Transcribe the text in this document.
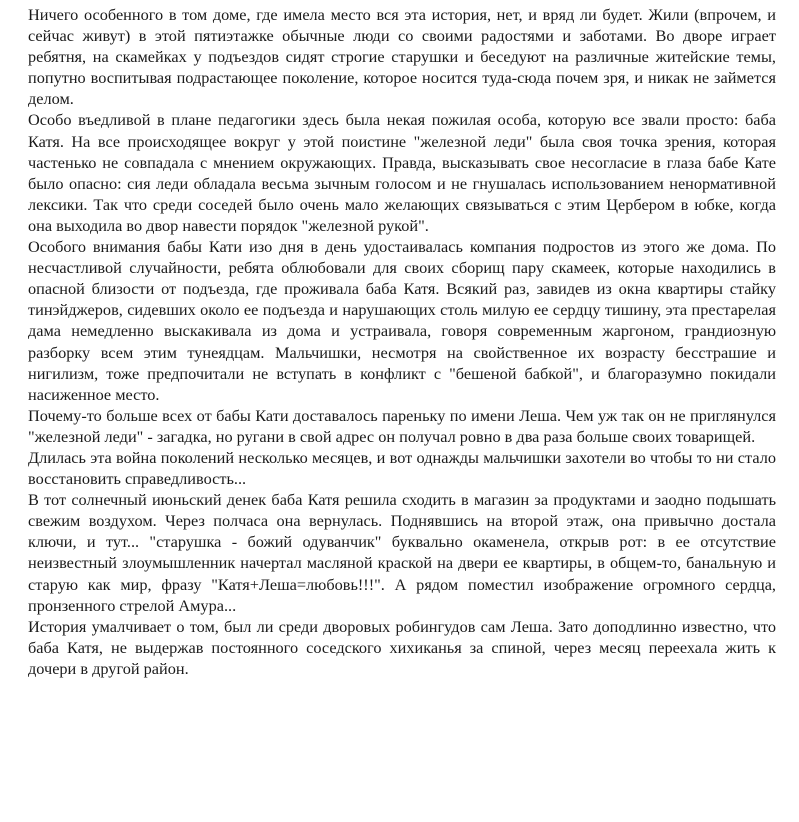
Ничего особенного в том доме, где имела место вся эта история, нет, и вряд ли будет. Жили (впрочем, и сейчас живут) в этой пятиэтажке обычные люди со своими радостями и заботами. Во дворе играет ребятня, на скамейках у подъездов сидят строгие старушки и беседуют на различные житейские темы, попутно воспитывая подрастающее поколение, которое носится туда-сюда почем зря, и никак не займется делом.

Особо въедливой в плане педагогики здесь была некая пожилая особа, которую все звали просто: баба Катя. На все происходящее вокруг у этой поистине "железной леди" была своя точка зрения, которая частенько не совпадала с мнением окружающих. Правда, высказывать свое несогласие в глаза бабе Кате было опасно: сия леди обладала весьма зычным голосом и не гнушалась использованием ненормативной лексики. Так что среди соседей было очень мало желающих связываться с этим Цербером в юбке, когда она выходила во двор навести порядок "железной рукой".

Особого внимания бабы Кати изо дня в день удостаивалась компания подростов из этого же дома. По несчастливой случайности, ребята облюбовали для своих сборищ пару скамеек, которые находились в опасной близости от подъезда, где проживала баба Катя. Всякий раз, завидев из окна квартиры стайку тинэйджеров, сидевших около ее подъезда и нарушающих столь милую ее сердцу тишину, эта престарелая дама немедленно выскакивала из дома и устраивала, говоря современным жаргоном, грандиозную разборку всем этим тунеядцам. Мальчишки, несмотря на свойственное их возрасту бесстрашие и нигилизм, тоже предпочитали не вступать в конфликт с "бешеной бабкой", и благоразумно покидали насиженное место.

Почему-то больше всех от бабы Кати доставалось пареньку по имени Леша. Чем уж так он не приглянулся "железной леди" - загадка, но ругани в свой адрес он получал ровно в два раза больше своих товарищей.

Длилась эта война поколений несколько месяцев, и вот однажды мальчишки захотели во чтобы то ни стало восстановить справедливость...

В тот солнечный июньский денек баба Катя решила сходить в магазин за продуктами и заодно подышать свежим воздухом. Через полчаса она вернулась. Поднявшись на второй этаж, она привычно достала ключи, и тут... "старушка - божий одуванчик" буквально окаменела, открыв рот: в ее отсутствие неизвестный злоумышленник начертал масляной краской на двери ее квартиры, в общем-то, банальную и старую как мир, фразу "Катя+Леша=любовь!!!". А рядом поместил изображение огромного сердца, пронзенного стрелой Амура...

История умалчивает о том, был ли среди дворовых робингудов сам Леша. Зато доподлинно известно, что баба Катя, не выдержав постоянного соседского хихиканья за спиной, через месяц переехала жить к дочери в другой район.
